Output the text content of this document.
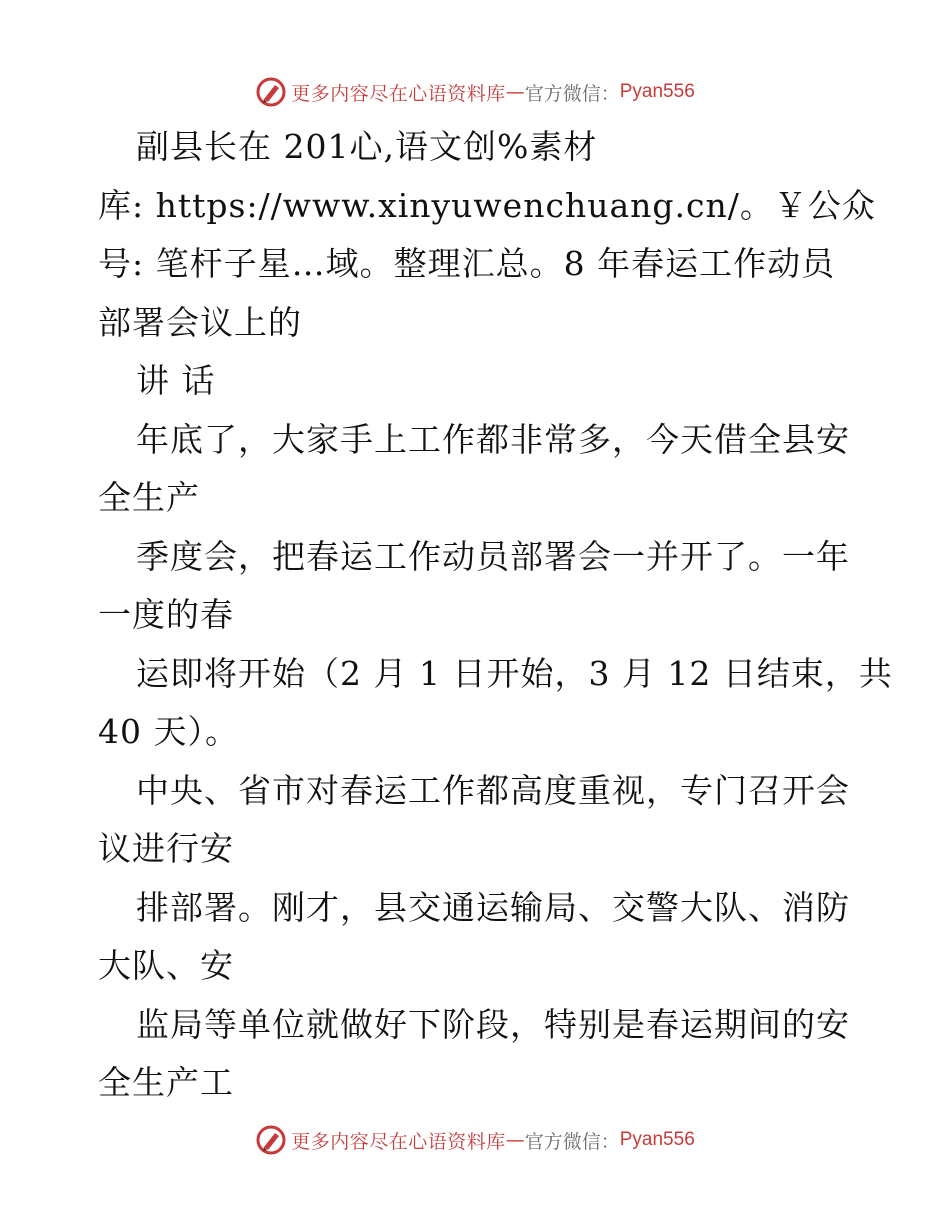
更多内容尽在心语资料库 — 官方微信： Pyan556
副县长在 201心,语文创%素材
库: https://www.xinyuwenchuang.cn/。￥公众
号: 笔杆子星…域。整理汇总。8 年春运工作动员
部署会议上的
讲 话
年底了，大家手上工作都非常多，今天借全县安
全生产
季度会，把春运工作动员部署会一并开了。一年
一度的春
运即将开始（2 月 1 日开始，3 月 12 日结束，共
40 天）。
中央、省市对春运工作都高度重视，专门召开会
议进行安
排部署。刚才，县交通运输局、交警大队、消防
大队、安
监局等单位就做好下阶段，特别是春运期间的安
全生产工
更多内容尽在心语资料库 — 官方微信： Pyan556
